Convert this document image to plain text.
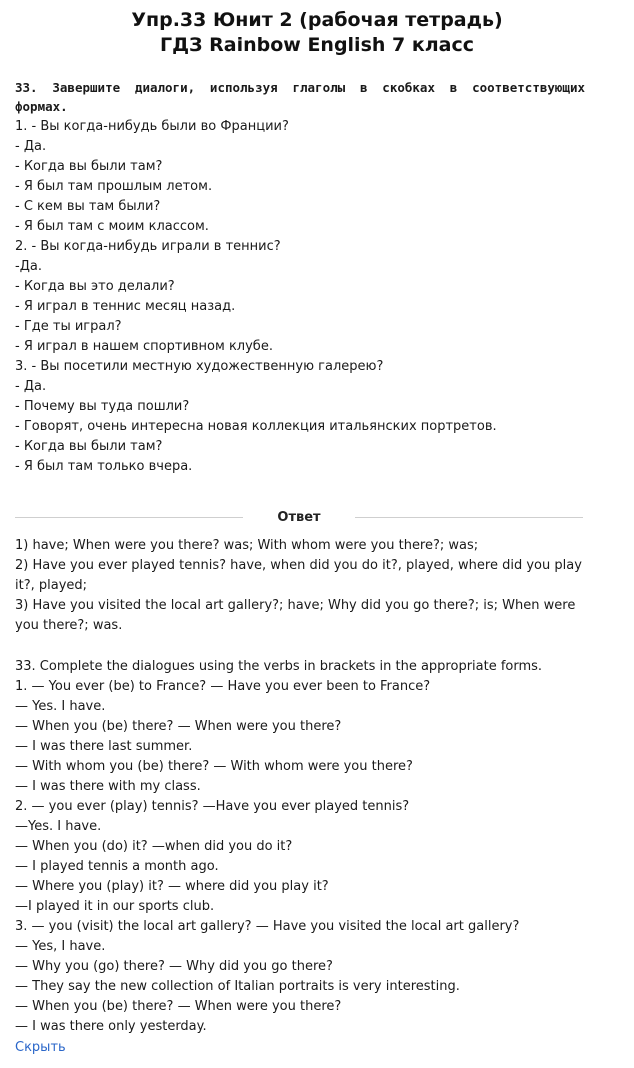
Упр.33 Юнит 2 (рабочая тетрадь)
ГДЗ Rainbow English 7 класс
33. Завершите диалоги, используя глаголы в скобках в соответствующих формах.
1. - Вы когда-нибудь были во Франции?
- Да.
- Когда вы были там?
- Я был там прошлым летом.
- С кем вы там были?
- Я был там с моим классом.
2. - Вы когда-нибудь играли в теннис?
-Да.
- Когда вы это делали?
- Я играл в теннис месяц назад.
- Где ты играл?
- Я играл в нашем спортивном клубе.
3. - Вы посетили местную художественную галерею?
- Да.
- Почему вы туда пошли?
- Говорят, очень интересна новая коллекция итальянских портретов.
- Когда вы были там?
- Я был там только вчера.
Ответ

1) have; When were you there? was; With whom were you there?; was;

2) Have you ever played tennis? have, when did you do it?, played, where did you play it?, played;

3) Have you visited the local art gallery?; have; Why did you go there?; is; When were you there?; was.

33. Complete the dialogues using the verbs in brackets in the appropriate forms.
1. — You ever (be) to France? — Have you ever been to France?
— Yes. I have.
— When you (be) there? — When were you there?
— I was there last summer.
— With whom you (be) there? — With whom were you there?
— I was there with my class.
2. — you ever (play) tennis? —Have you ever played tennis?
—Yes. I have.
— When you (do) it? —when did you do it?
— I played tennis a month ago.
— Where you (play) it? — where did you play it?
—I played it in our sports club.
3. — you (visit) the local art gallery? — Have you visited the local art gallery?
— Yes, I have.
— Why you (go) there? — Why did you go there?
— They say the new collection of Italian portraits is very interesting.
— When you (be) there? — When were you there?
— I was there only yesterday.
Скрыть
